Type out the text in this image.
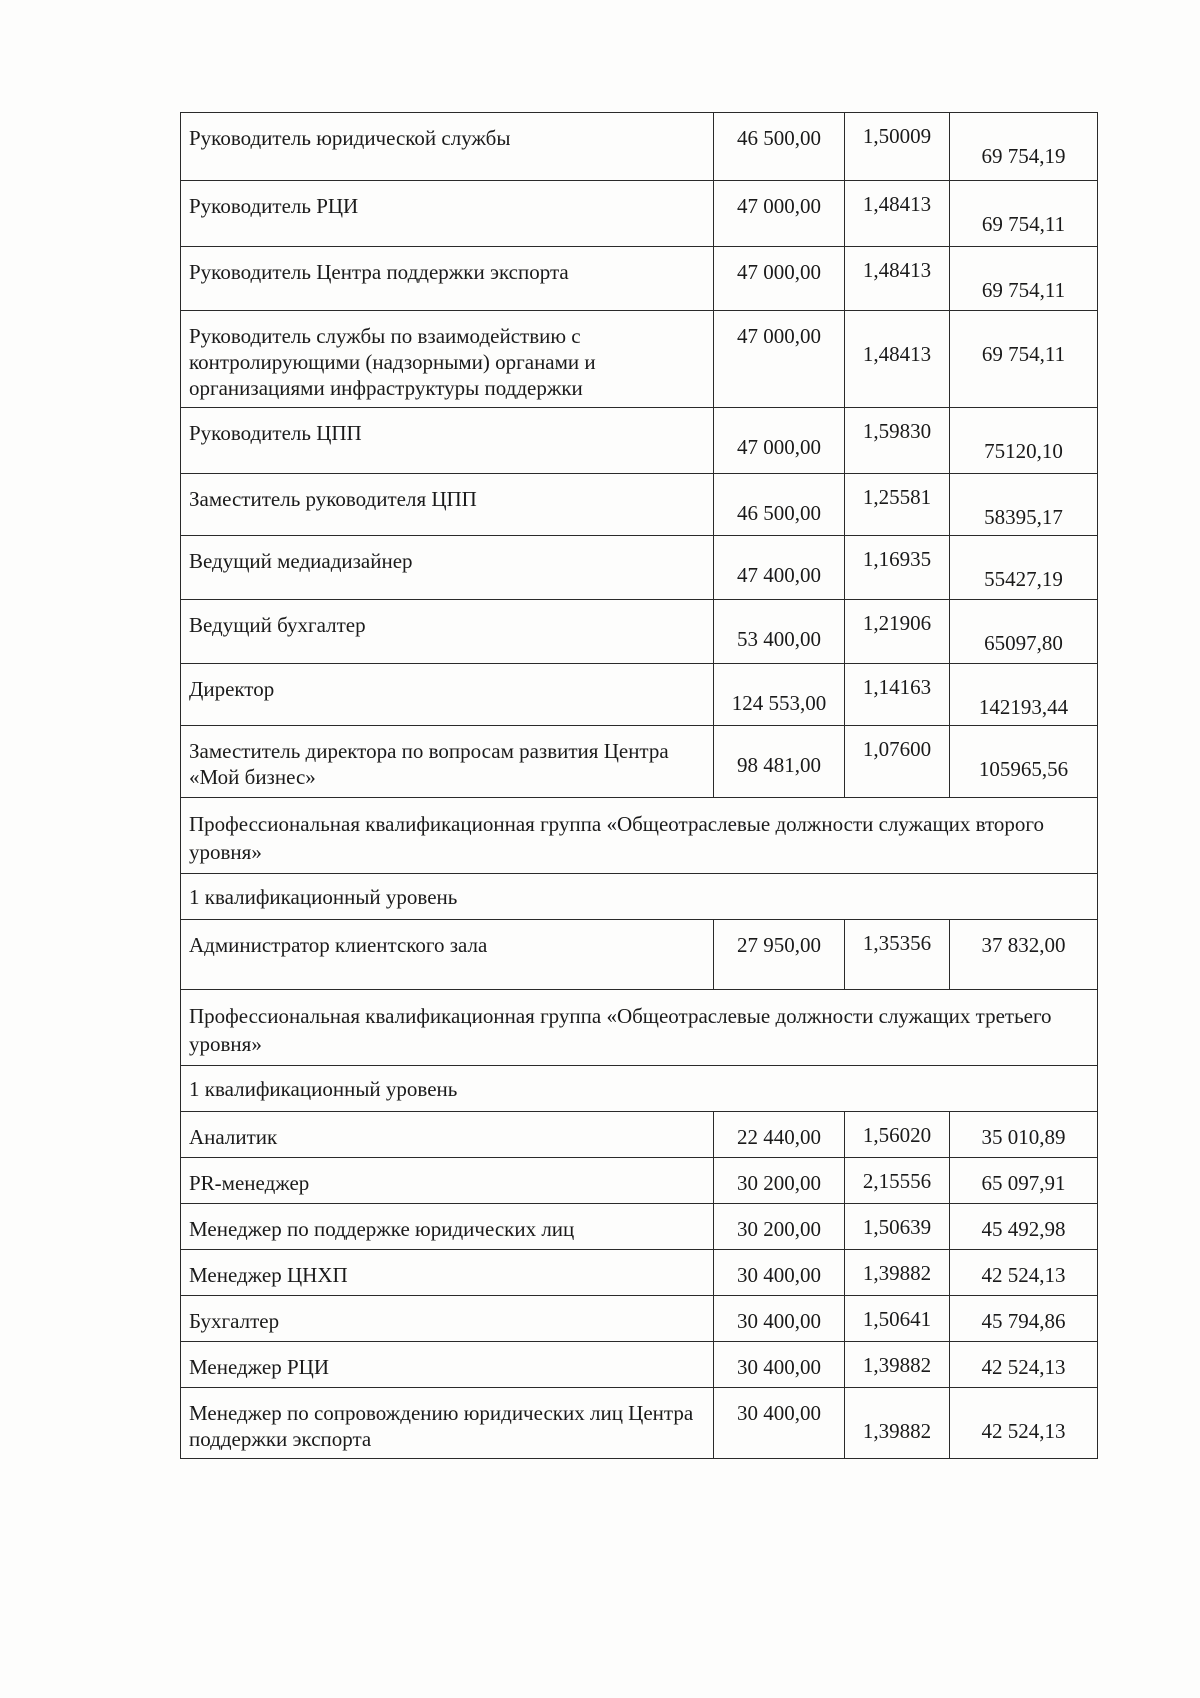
Руководитель юридической службы	46 500,00	1,50009	69 754,19
Руководитель РЦИ	47 000,00	1,48413	69 754,11
Руководитель Центра поддержки экспорта	47 000,00	1,48413	69 754,11
Руководитель службы по взаимодействию с контролирующими (надзорными) органами и организациями инфраструктуры поддержки	47 000,00	1,48413	69 754,11
Руководитель ЦПП	47 000,00	1,59830	75120,10
Заместитель руководителя ЦПП	46 500,00	1,25581	58395,17
Ведущий медиадизайнер	47 400,00	1,16935	55427,19
Ведущий бухгалтер	53 400,00	1,21906	65097,80
Директор	124 553,00	1,14163	142193,44
Заместитель директора по вопросам развития Центра «Мой бизнес»	98 481,00	1,07600	105965,56
Профессиональная квалификационная группа «Общеотраслевые должности служащих второго уровня»			
1 квалификационный уровень			
Администратор клиентского зала	27 950,00	1,35356	37 832,00
Профессиональная квалификационная группа «Общеотраслевые должности служащих третьего уровня»			
1 квалификационный уровень			
Аналитик	22 440,00	1,56020	35 010,89
PR-менеджер	30 200,00	2,15556	65 097,91
Менеджер по поддержке юридических лиц	30 200,00	1,50639	45 492,98
Менеджер ЦНХП	30 400,00	1,39882	42 524,13
Бухгалтер	30 400,00	1,50641	45 794,86
Менеджер РЦИ	30 400,00	1,39882	42 524,13
Менеджер по сопровождению юридических лиц Центра поддержки экспорта	30 400,00	1,39882	42 524,13
